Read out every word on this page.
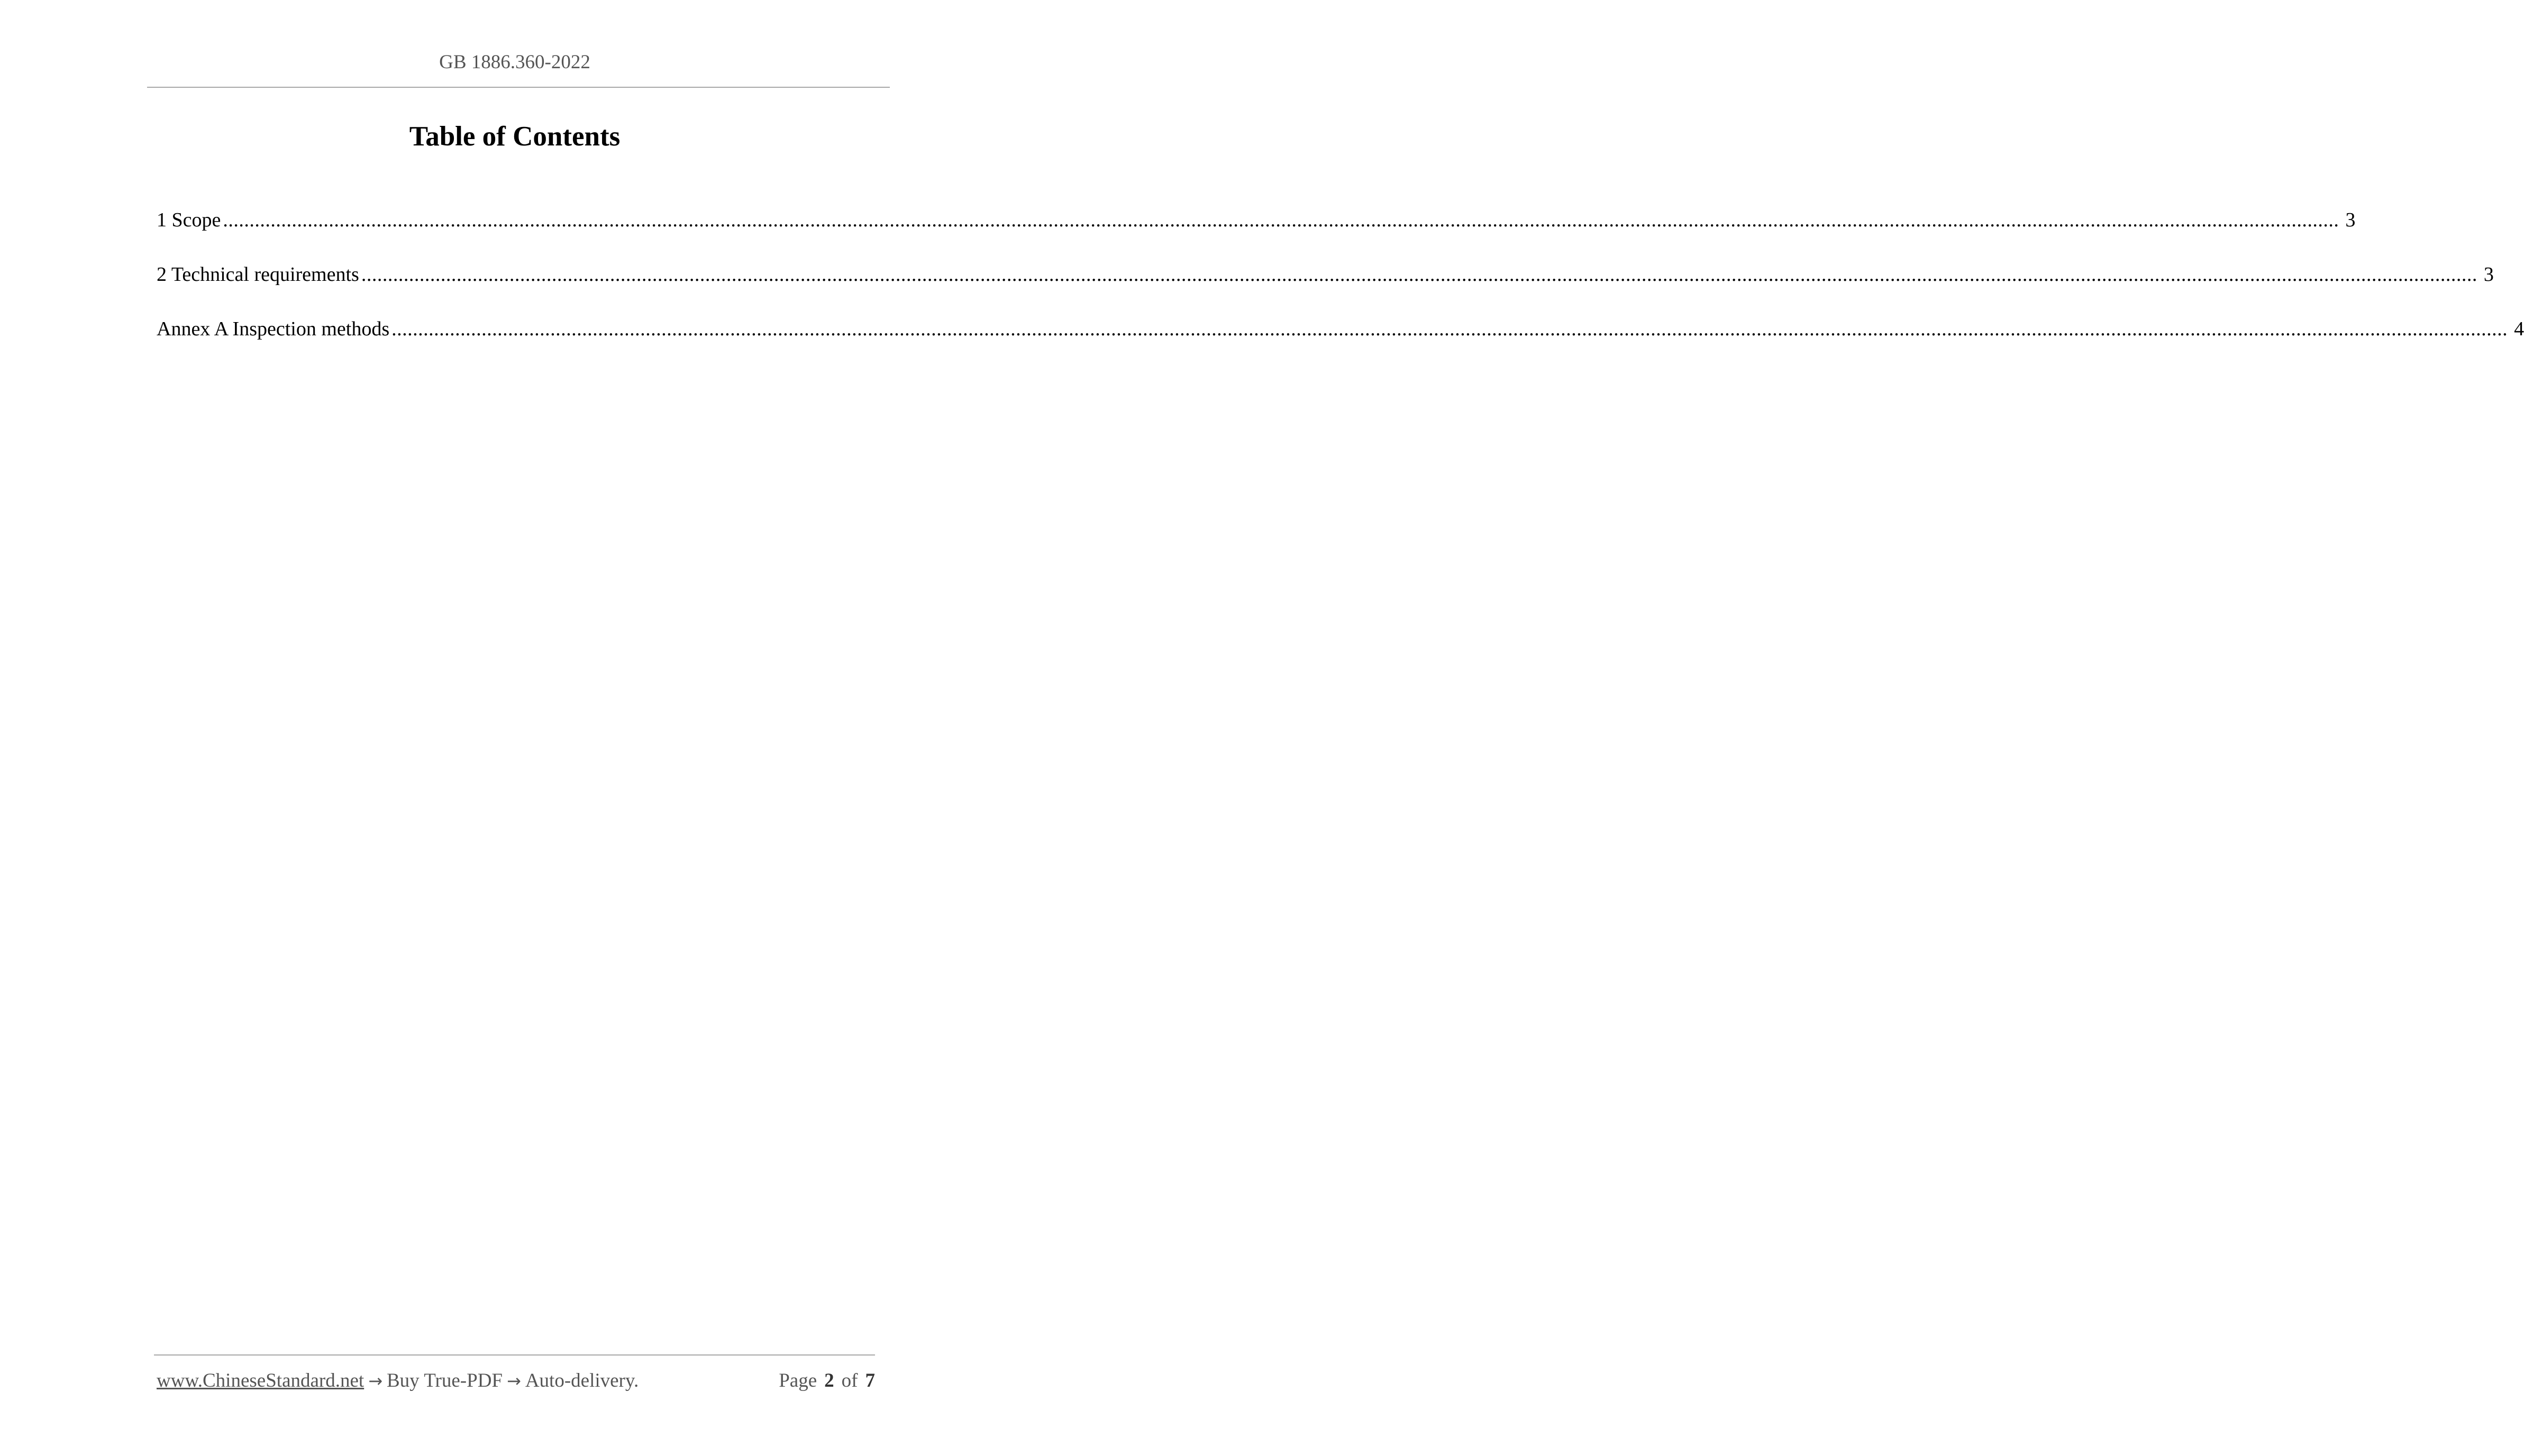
GB 1886.360-2022
Table of Contents
1 Scope ................................................................................................................................................................................................................................................................................................................................................................................................................ 3
2 Technical requirements ................................................................................................................................................................................................................................................................................................................................................................................................................ 3
Annex A Inspection methods ................................................................................................................................................................................................................................................................................................................................................................................................................ 4
www.ChineseStandard.net → Buy True-PDF → Auto-delivery.	Page 2 of 7
